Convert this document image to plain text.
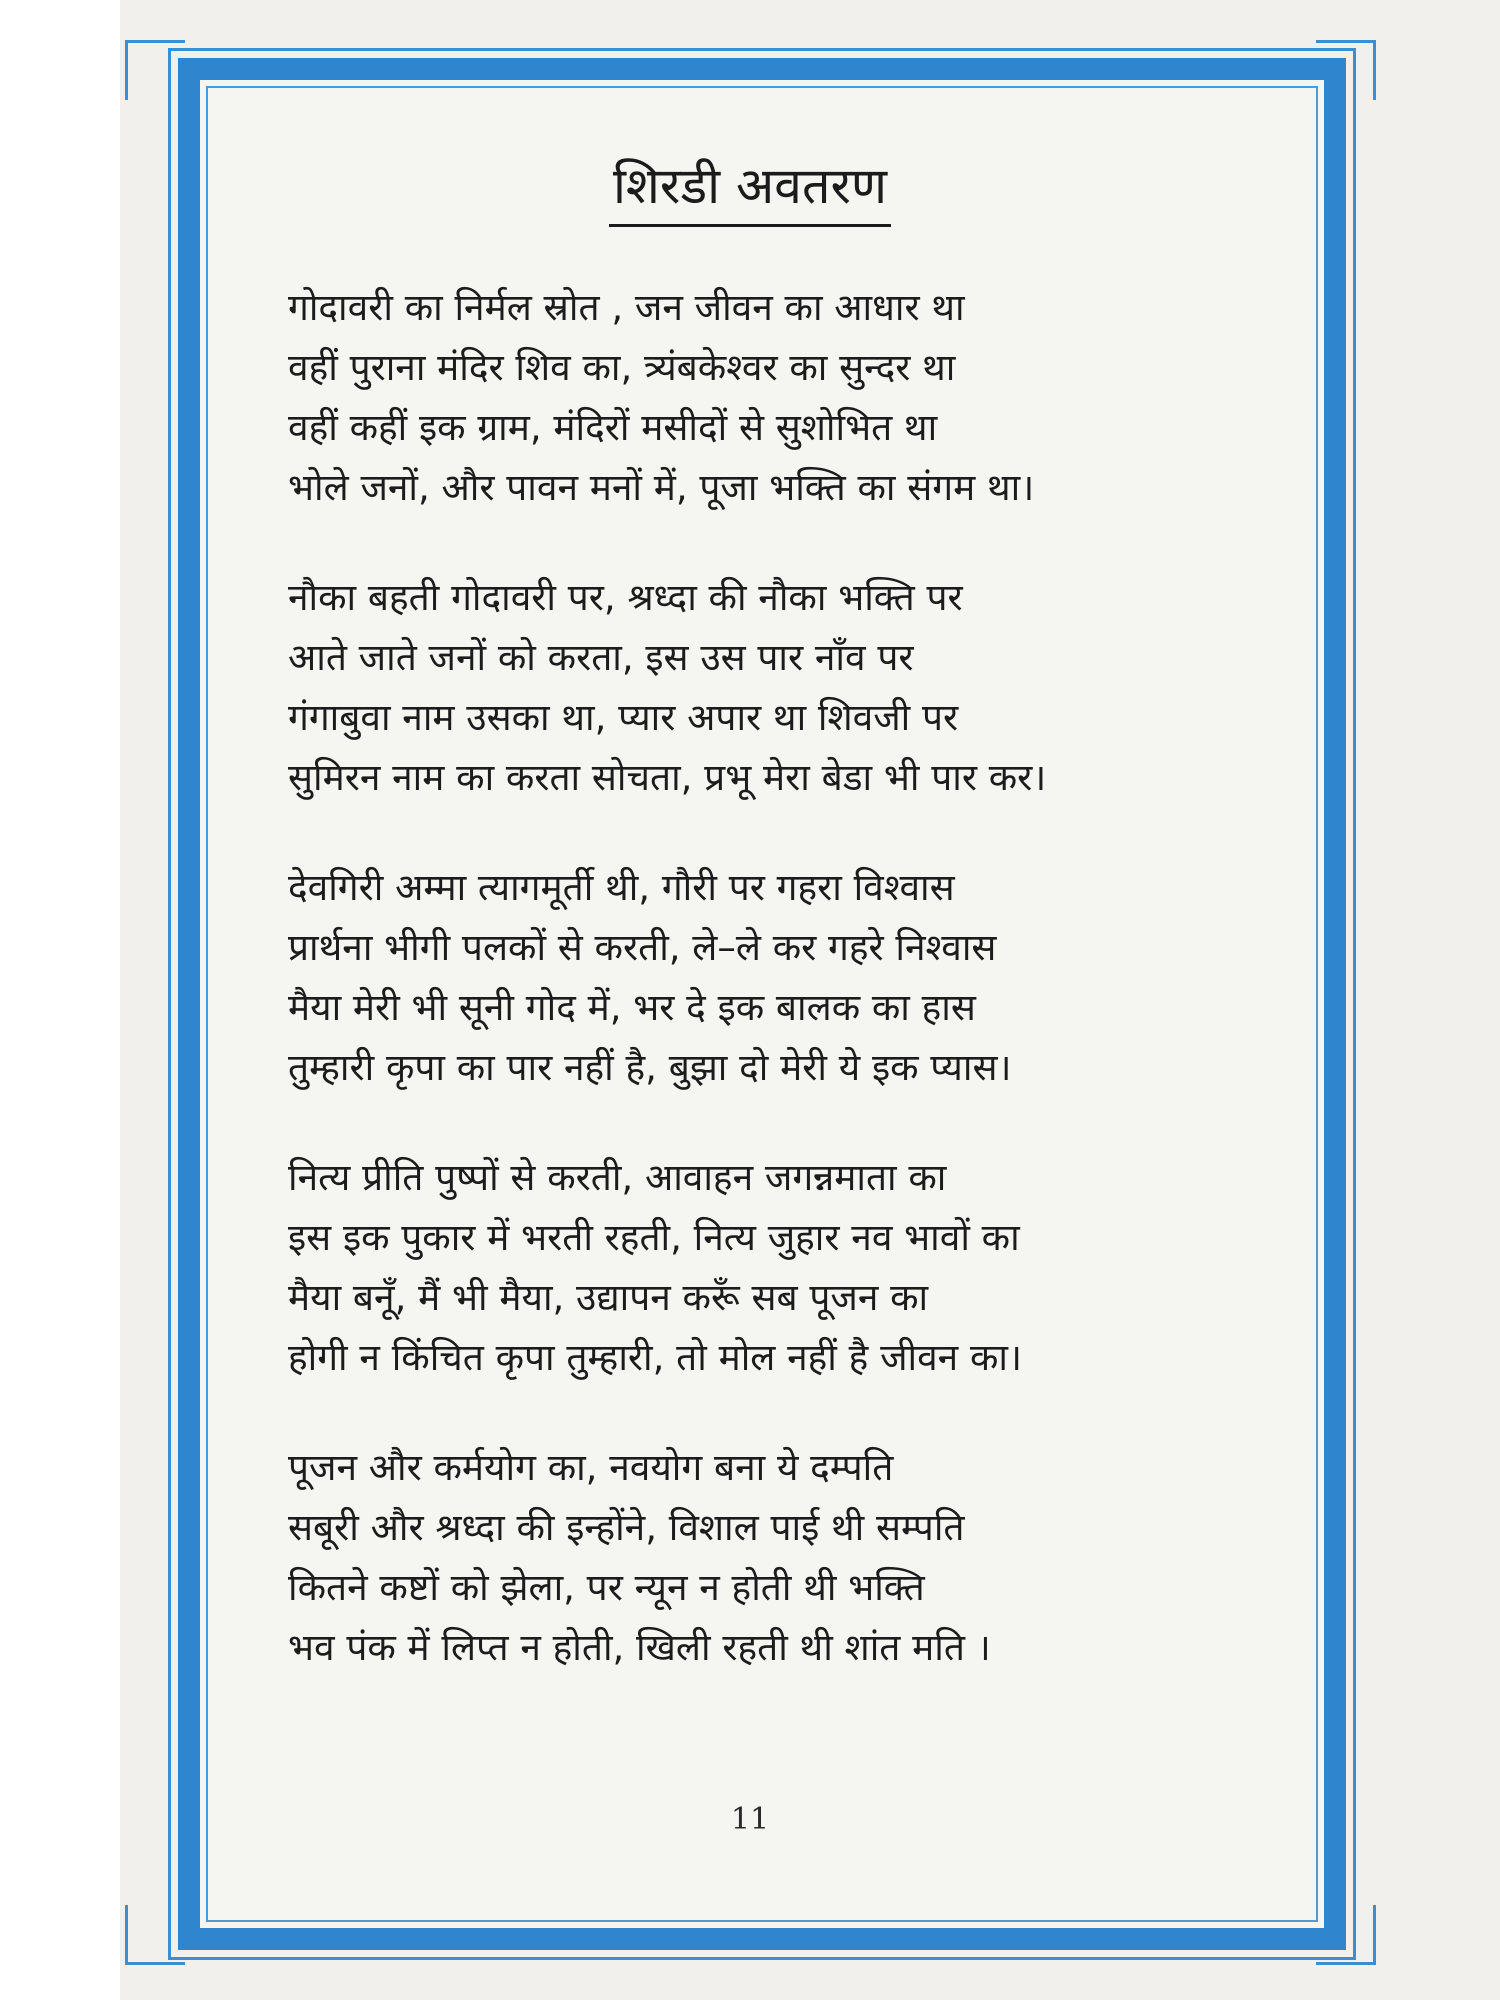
शिरडी अवतरण
गोदावरी का निर्मल स्रोत , जन जीवन का आधार था
वहीं पुराना मंदिर शिव का, त्र्यंबकेश्वर का सुन्दर था
वहीं कहीं इक ग्राम, मंदिरों मसीदों से सुशोभित था
भोले जनों, और पावन मनों में, पूजा भक्ति का संगम था।
नौका बहती गोदावरी पर, श्रध्दा की नौका भक्ति पर
आते जाते जनों को करता, इस उस पार नाँव पर
गंगाबुवा नाम उसका था, प्यार अपार था शिवजी पर
सुमिरन नाम का करता सोचता, प्रभू मेरा बेडा भी पार कर।
देवगिरी अम्मा त्यागमूर्ती थी, गौरी पर गहरा विश्वास
प्रार्थना भीगी पलकों से करती, ले–ले कर गहरे निश्वास
मैया मेरी भी सूनी गोद में, भर दे इक बालक का हास
तुम्हारी कृपा का पार नहीं है, बुझा दो मेरी ये इक प्यास।
नित्य प्रीति पुष्पों से करती, आवाहन जगन्नमाता का
इस इक पुकार में भरती रहती, नित्य जुहार नव भावों का
मैया बनूँ, मैं भी मैया, उद्यापन करूँ सब पूजन का
होगी न किंचित कृपा तुम्हारी, तो मोल नहीं है जीवन का।
पूजन और कर्मयोग का, नवयोग बना ये दम्पति
सबूरी और श्रध्दा की इन्होंने, विशाल पाई थी सम्पति
कितने कष्टों को झेला, पर न्यून न होती थी भक्ति
भव पंक में लिप्त न होती, खिली रहती थी शांत मति ।
11
